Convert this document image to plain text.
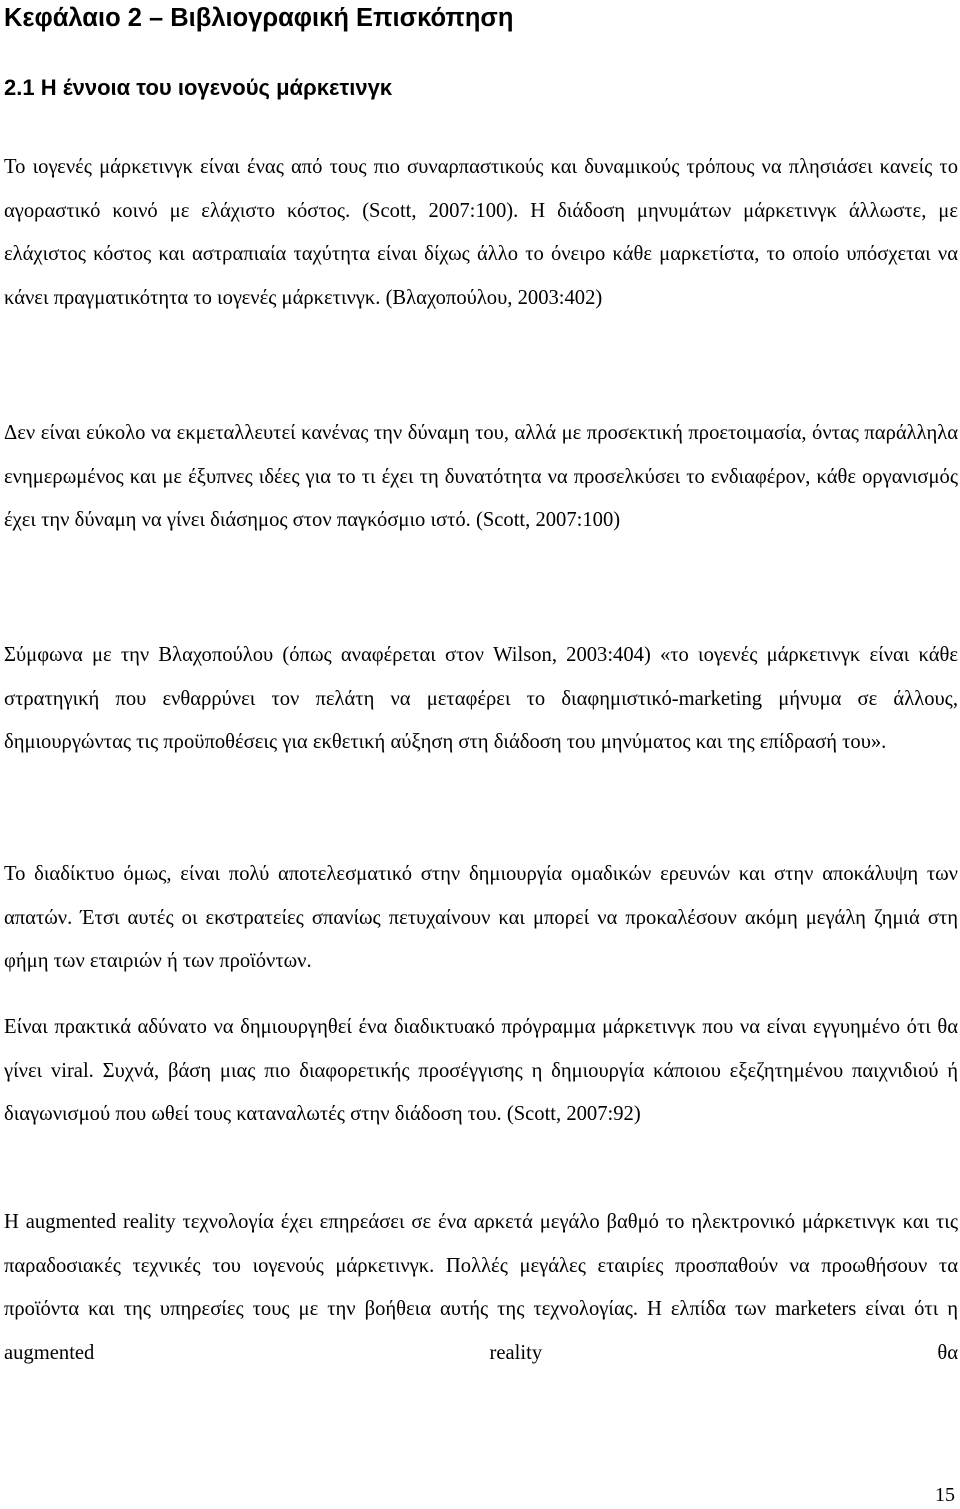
Κεφάλαιο 2 – Βιβλιογραφική Επισκόπηση
2.1 Η έννοια του ιογενούς μάρκετινγκ

Το ιογενές μάρκετινγκ είναι ένας από τους πιο συναρπαστικούς και δυναμικούς τρόπους να πλησιάσει κανείς το αγοραστικό κοινό με ελάχιστο κόστος. (Scott, 2007:100). Η διάδοση μηνυμάτων μάρκετινγκ άλλωστε, με ελάχιστος κόστος και αστραπιαία ταχύτητα είναι δίχως άλλο το όνειρο κάθε μαρκετίστα, το οποίο υπόσχεται να κάνει πραγματικότητα το ιογενές μάρκετινγκ. (Βλαχοπούλου, 2003:402)

Δεν είναι εύκολο να εκμεταλλευτεί κανένας την δύναμη του, αλλά με προσεκτική προετοιμασία, όντας παράλληλα ενημερωμένος και με έξυπνες ιδέες για το τι έχει τη δυνατότητα να προσελκύσει το ενδιαφέρον, κάθε οργανισμός έχει την δύναμη να γίνει διάσημος στον παγκόσμιο ιστό. (Scott, 2007:100)

Σύμφωνα με την Βλαχοπούλου (όπως αναφέρεται στον Wilson, 2003:404) «το ιογενές μάρκετινγκ είναι κάθε στρατηγική που ενθαρρύνει τον πελάτη να μεταφέρει το διαφημιστικό-marketing μήνυμα σε άλλους, δημιουργώντας τις προϋποθέσεις για εκθετική αύξηση στη διάδοση του μηνύματος και της επίδρασή του».

Το διαδίκτυο όμως, είναι πολύ αποτελεσματικό στην δημιουργία ομαδικών ερευνών και στην αποκάλυψη των απατών. Έτσι αυτές οι εκστρατείες σπανίως πετυχαίνουν και μπορεί να προκαλέσουν ακόμη μεγάλη ζημιά στη φήμη των εταιριών ή των προϊόντων.

Είναι πρακτικά αδύνατο να δημιουργηθεί ένα διαδικτυακό πρόγραμμα μάρκετινγκ που να είναι εγγυημένο ότι θα γίνει viral. Συχνά, βάση μιας πιο διαφορετικής προσέγγισης η δημιουργία κάποιου εξεζητημένου παιχνιδιού ή διαγωνισμού που ωθεί τους καταναλωτές στην διάδοση του. (Scott, 2007:92)

Η augmented reality τεχνολογία έχει επηρεάσει σε ένα αρκετά μεγάλο βαθμό το ηλεκτρονικό μάρκετινγκ και τις παραδοσιακές τεχνικές του ιογενούς μάρκετινγκ. Πολλές μεγάλες εταιρίες προσπαθούν να προωθήσουν τα προϊόντα και της υπηρεσίες τους με την βοήθεια αυτής της τεχνολογίας. Η ελπίδα των marketers είναι ότι η augmented reality θα

15
